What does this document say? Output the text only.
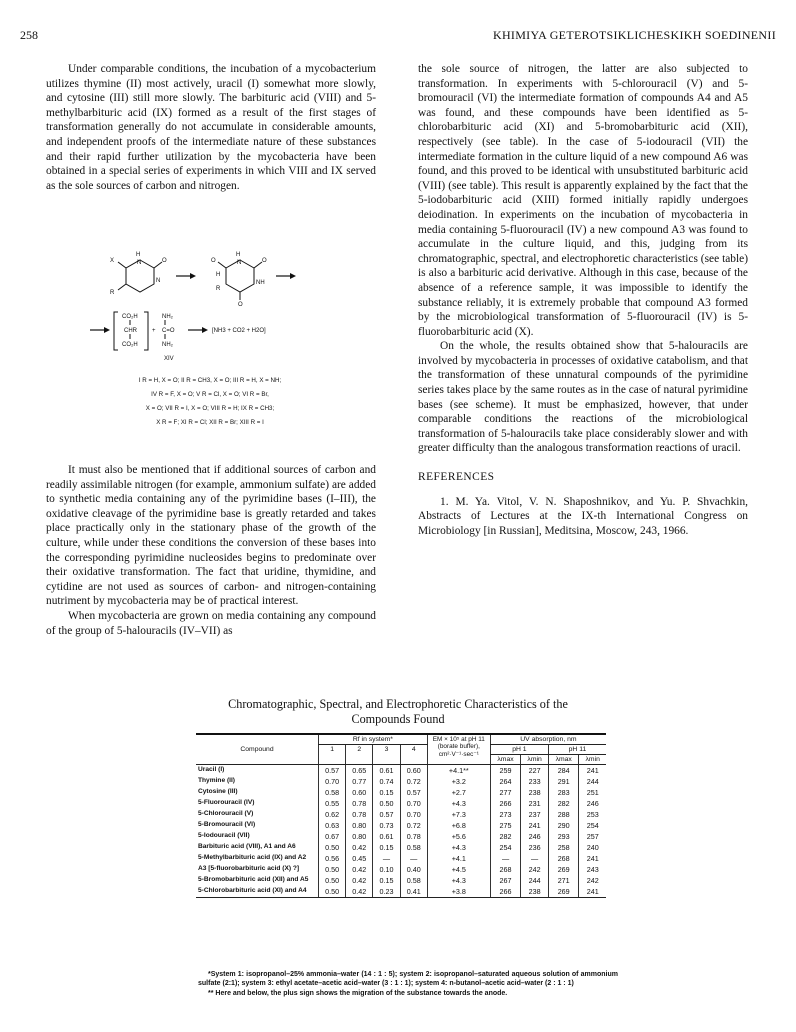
258	KHIMIYA GETEROTSIKLICHESKIKH SOEDINENII

Under comparable conditions, the incubation of a mycobacterium utilizes thymine (II) most actively, uracil (I) somewhat more slowly, and cytosine (III) still more slowly. The barbituric acid (VIII) and 5-methylbarbituric acid (IX) formed as a result of the first stages of transformation generally do not accumulate in considerable amounts, and independent proofs of the intermediate nature of these substances and their rapid further utilization by the mycobacteria have been obtained in a special series of experiments in which VIII and IX served as the sole sources of carbon and nitrogen.

H
N
X	O
N
R
H
N
O	O
H
NH
R
O
CO₂H
CHR
CO₂H
+
NH₂
C=O
NH₂
XIV
[NH3 + CO2 + H2O]
I R = H, X = O; II R = CH3, X = O; III R = H, X = NH;
IV R = F, X = O; V R = Cl, X = O; VI R = Br,
X = O; VII R = I, X = O; VIII R = H; IX R = CH3;
X R = F; XI R = Cl; XII R = Br; XIII R = I

It must also be mentioned that if additional sources of carbon and readily assimilable nitrogen (for example, ammonium sulfate) are added to synthetic media containing any of the pyrimidine bases (I–III), the oxidative cleavage of the pyrimidine base is greatly retarded and takes place practically only in the stationary phase of the growth of the culture, while under these conditions the conversion of these bases into the corresponding pyrimidine nucleosides begins to predominate over their oxidative transformation. The fact that uridine, thymidine, and cytidine are not used as sources of carbon- and nitrogen-containing nutriment by mycobacteria may be of practical interest.

When mycobacteria are grown on media containing any compound of the group of 5-halouracils (IV–VII) as

the sole source of nitrogen, the latter are also subjected to transformation. In experiments with 5-chlorouracil (V) and 5-bromouracil (VI) the intermediate formation of compounds A4 and A5 was found, and these compounds have been identified as 5-chlorobarbituric acid (XI) and 5-bromobarbituric acid (XII), respectively (see table). In the case of 5-iodouracil (VII) the intermediate formation in the culture liquid of a new compound A6 was found, and this proved to be identical with unsubstituted barbituric acid (VIII) (see table). This result is apparently explained by the fact that the 5-iodobarbituric acid (XIII) formed initially rapidly undergoes deiodination. In experiments on the incubation of mycobacteria in media containing 5-fluorouracil (IV) a new compound A3 was found to accumulate in the culture liquid, and this, judging from its chromatographic, spectral, and electrophoretic characteristics (see table) is also a barbituric acid derivative. Although in this case, because of the absence of a reference sample, it was impossible to identify the substance reliably, it is extremely probable that compound A3 formed by the microbiological transformation of 5-fluorouracil (IV) is 5-fluorobarbituric acid (X).

On the whole, the results obtained show that 5-halouracils are involved by mycobacteria in processes of oxidative catabolism, and that the transformation of these unnatural compounds of the pyrimidine series takes place by the same routes as in the case of natural pyrimidine bases (see scheme). It must be emphasized, however, that under comparable conditions the reactions of the microbiological transformation of 5-halouracils take place considerably slower and with greater difficulty than the analogous transformation reactions of uracil.

REFERENCES

1. M. Ya. Vitol, V. N. Shaposhnikov, and Yu. P. Shvachkin, Abstracts of Lectures at the IX-th International Congress on Microbiology [in Russian], Meditsina, Moscow, 243, 1966.

Chromatographic, Spectral, and Electrophoretic Characteristics of the Compounds Found
Compound	Rf in system*				EM × 10⁵ at pH 11 (borate buffer), cm²·V⁻¹·sec⁻¹	UV absorption, nm			
	1	2	3	4		pH 1		pH 11	
						λmax	λmin	λmax	λmin
Uracil (I)	0.57	0.65	0.61	0.60	+4.1**	259	227	284	241
Thymine (II)	0.70	0.77	0.74	0.72	+3.2	264	233	291	244
Cytosine (III)	0.58	0.60	0.15	0.57	+2.7	277	238	283	251
5-Fluorouracil (IV)	0.55	0.78	0.50	0.70	+4.3	266	231	282	246
5-Chlorouracil (V)	0.62	0.78	0.57	0.70	+7.3	273	237	288	253
5-Bromouracil (VI)	0.63	0.80	0.73	0.72	+6.8	275	241	290	254
5-Iodouracil (VII)	0.67	0.80	0.61	0.78	+5.6	282	246	293	257
Barbituric acid (VIII), A1 and A6	0.50	0.42	0.15	0.58	+4.3	254	236	258	240
5-Methylbarbituric acid (IX) and A2	0.56	0.45	—	—	+4.1	—	—	268	241
A3 [5-fluorobarbituric acid (X) ?]	0.50	0.42	0.10	0.40	+4.5	268	242	269	243
5-Bromobarbituric acid (XII) and A5	0.50	0.42	0.15	0.58	+4.3	267	244	271	242
5-Chlorobarbituric acid (XI) and A4	0.50	0.42	0.23	0.41	+3.8	266	238	269	241

*System 1: isopropanol–25% ammonia–water (14 : 1 : 5); system 2: isopropanol–saturated aqueous solution of ammonium sulfate (2:1); system 3: ethyl acetate–acetic acid–water (3 : 1 : 1); system 4: n-butanol–acetic acid–water (2 : 1 : 1)

** Here and below, the plus sign shows the migration of the substance towards the anode.
